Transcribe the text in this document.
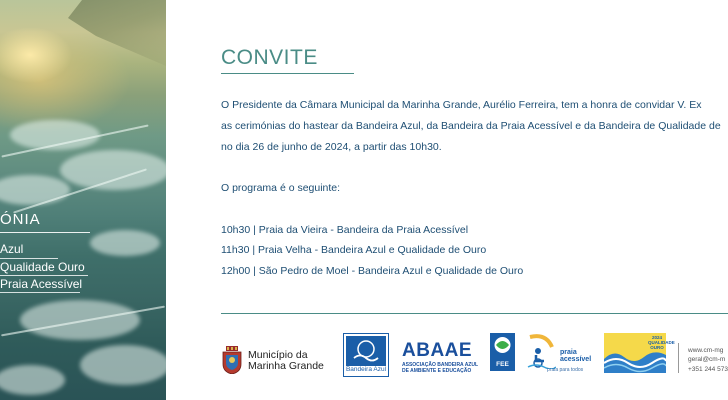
ÓNIA
Azul
Qualidade Ouro
Praia Acessível
CONVITE
O Presidente da Câmara Municipal da Marinha Grande, Aurélio Ferreira, tem a honra de convidar V. Ex
as cerimónias do hastear da Bandeira Azul, da Bandeira da Praia Acessível e da Bandeira de Qualidade de
no dia 26 de junho de 2024, a partir das 10h30.
O programa é o seguinte:
10h30 | Praia da Vieira - Bandeira da Praia Acessível
11h30 | Praia Velha - Bandeira Azul e Qualidade de Ouro
12h00 | São Pedro de Moel - Bandeira Azul e Qualidade de Ouro
Município da
Marinha Grande	Bandeira Azul
ABAAE
ASSOCIAÇÃO BANDEIRA AZUL
DE AMBIENTE E EDUCAÇÃO
FEE
praia
acessível
praia para todos
2024
QUALIDADE
OURO	www.cm-mg
geral@cm-m
+351 244 573
